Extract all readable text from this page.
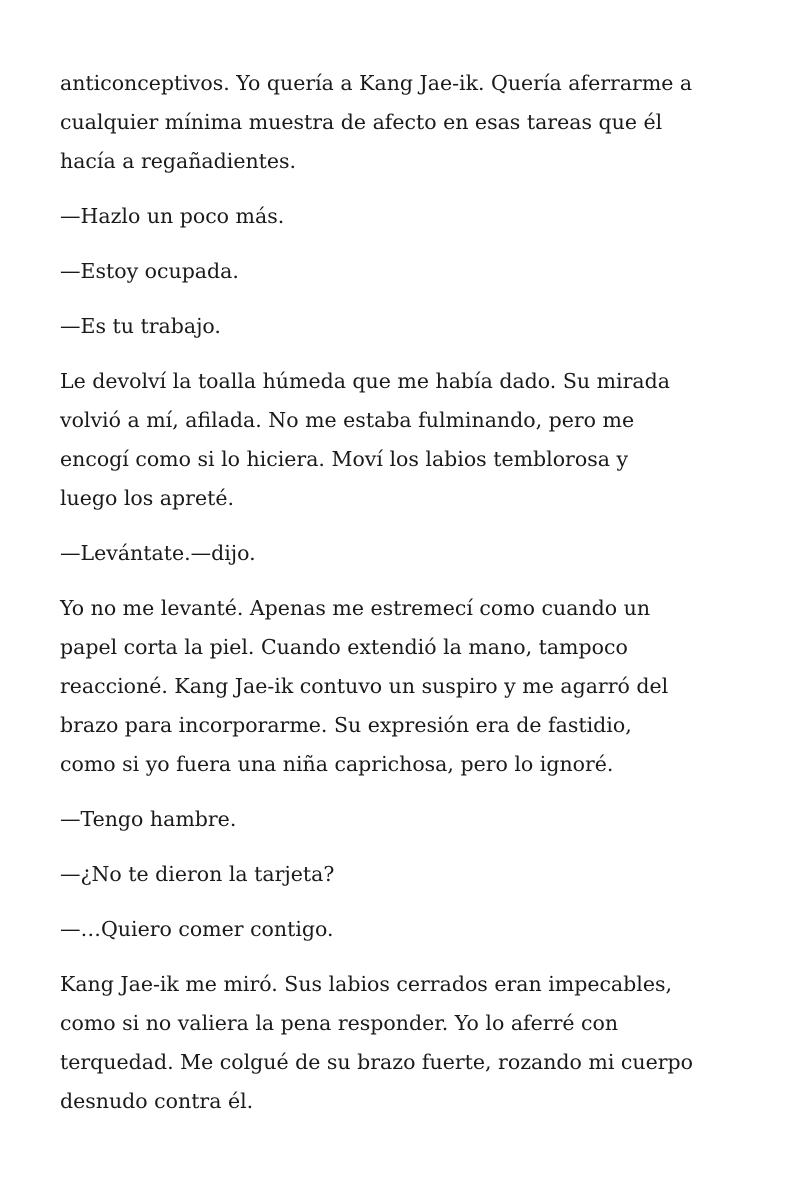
anticonceptivos. Yo quería a Kang Jae-ik. Quería aferrarme a
cualquier mínima muestra de afecto en esas tareas que él
hacía a regañadientes.

—Hazlo un poco más.

—Estoy ocupada.

—Es tu trabajo.

Le devolví la toalla húmeda que me había dado. Su mirada
volvió a mí, afilada. No me estaba fulminando, pero me
encogí como si lo hiciera. Moví los labios temblorosa y
luego los apreté.

—Levántate.—dijo.

Yo no me levanté. Apenas me estremecí como cuando un
papel corta la piel. Cuando extendió la mano, tampoco
reaccioné. Kang Jae-ik contuvo un suspiro y me agarró del
brazo para incorporarme. Su expresión era de fastidio,
como si yo fuera una niña caprichosa, pero lo ignoré.

—Tengo hambre.

—¿No te dieron la tarjeta?

—…Quiero comer contigo.

Kang Jae-ik me miró. Sus labios cerrados eran impecables,
como si no valiera la pena responder. Yo lo aferré con
terquedad. Me colgué de su brazo fuerte, rozando mi cuerpo
desnudo contra él.
